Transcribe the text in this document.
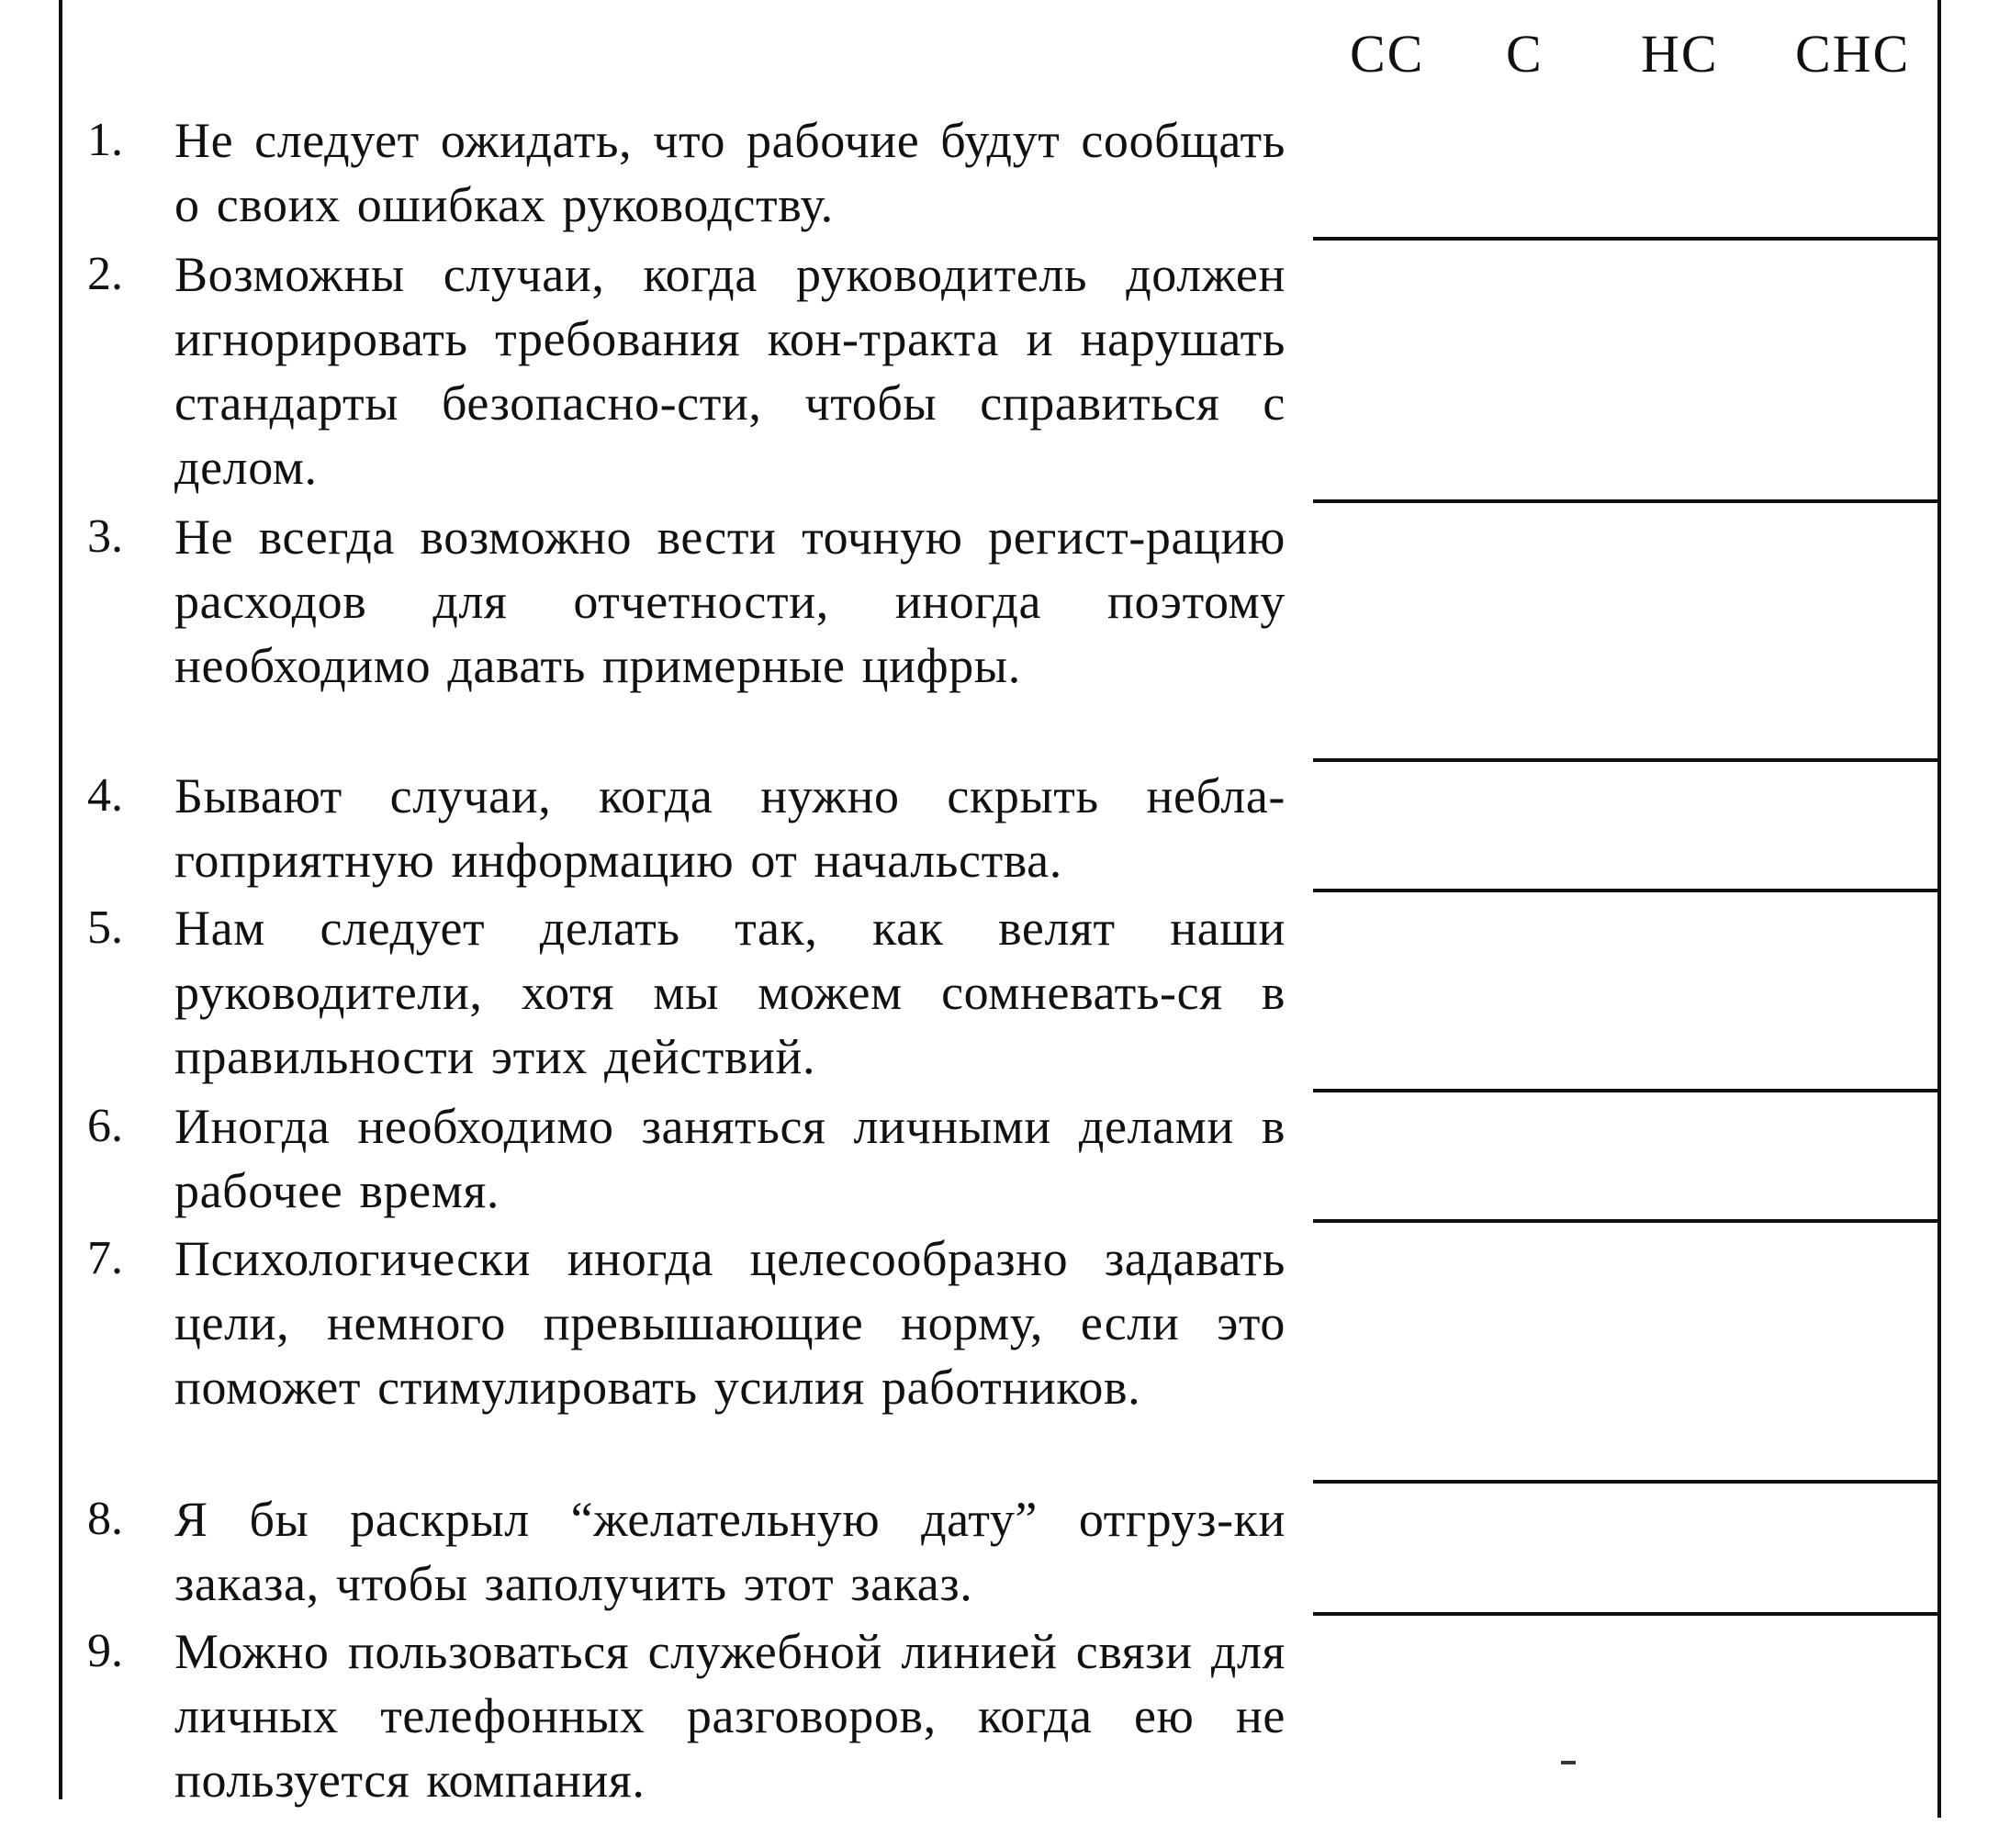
СС С НС СНС
1.	Не следует ожидать, что рабочие будут сообщать о своих ошибках руководству.
2.	Возможны случаи, когда руководитель должен игнорировать требования кон-тракта и нарушать стандарты безопасно-сти, чтобы справиться с делом.
3.	Не всегда возможно вести точную регист-рацию расходов для отчетности, иногда поэтому необходимо давать примерные цифры.
4.	Бывают случаи, когда нужно скрыть небла-гоприятную информацию от начальства.
5.	Нам следует делать так, как велят наши руководители, хотя мы можем сомневать-ся в правильности этих действий.
6.	Иногда необходимо заняться личными делами в рабочее время.
7.	Психологически иногда целесообразно задавать цели, немного превышающие норму, если это поможет стимулировать усилия работников.
8.	Я бы раскрыл “желательную дату” отгруз-ки заказа, чтобы заполучить этот заказ.
9.	Можно пользоваться служебной линией связи для личных телефонных разговоров, когда ею не пользуется компания.
